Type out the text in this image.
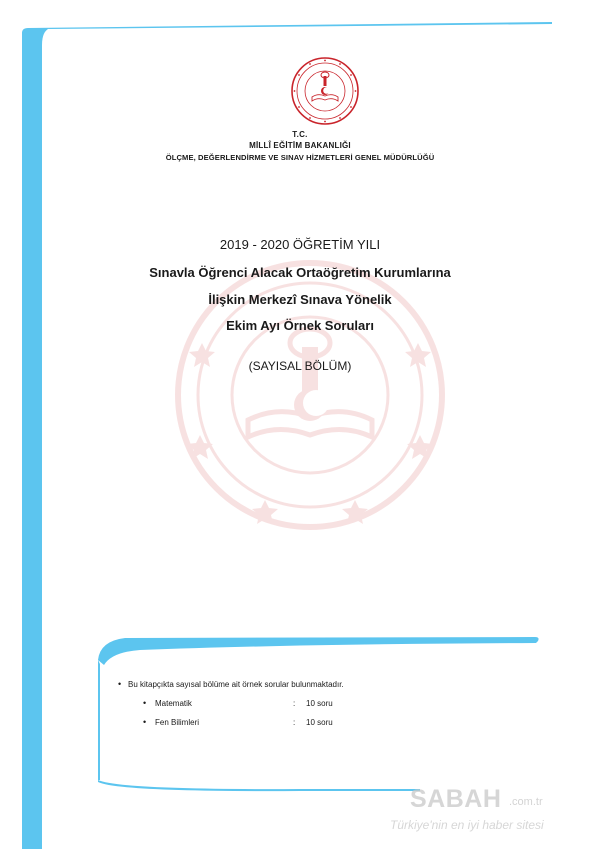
T.C.
MİLLÎ EĞİTİM BAKANLIĞI
ÖLÇME, DEĞERLENDİRME VE SINAV HİZMETLERİ GENEL MÜDÜRLÜĞÜ
2019 - 2020 ÖĞRETİM YILI
Sınavla Öğrenci Alacak Ortaöğretim Kurumlarına
İlişkin Merkezî Sınava Yönelik
Ekim Ayı Örnek Soruları
(SAYISAL BÖLÜM)
• Bu kitapçıkta sayısal bölüme ait örnek sorular bulunmaktadır.
• Matematik	: 10 soru
• Fen Bilimleri	: 10 soru
SABAH .com.tr
Türkiye'nin en iyi haber sitesi
